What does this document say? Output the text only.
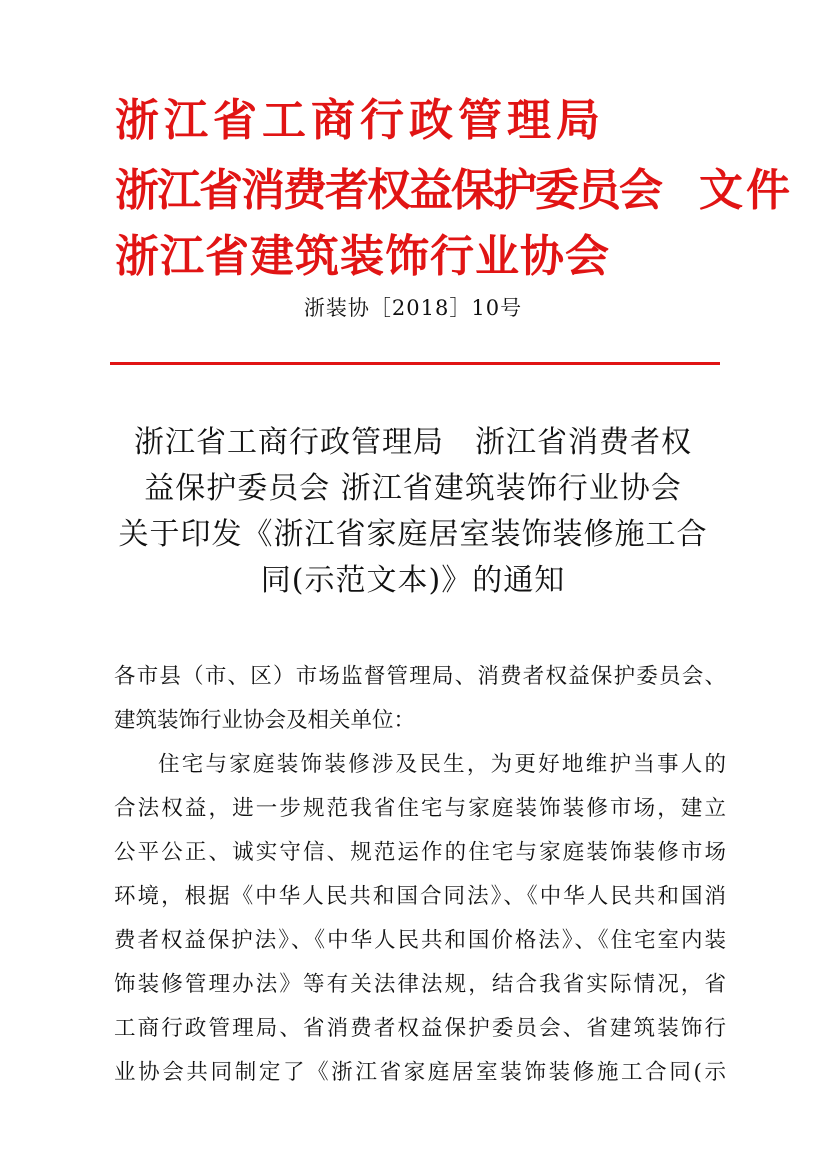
浙江省工商行政管理局
浙江省消费者权益保护委员会 文件
浙江省建筑装饰行业协会
浙装协［2018］10号
浙江省工商行政管理局　浙江省消费者权
益保护委员会 浙江省建筑装饰行业协会
关于印发《浙江省家庭居室装饰装修施工合
同(示范文本)》的通知
各市县（市、区）市场监督管理局、消费者权益保护委员会、
建筑装饰行业协会及相关单位：
住宅与家庭装饰装修涉及民生，为更好地维护当事人的
合法权益，进一步规范我省住宅与家庭装饰装修市场，建立
公平公正、诚实守信、规范运作的住宅与家庭装饰装修市场
环境，根据《中华人民共和国合同法》、《中华人民共和国消
费者权益保护法》、《中华人民共和国价格法》、《住宅室内装
饰装修管理办法》等有关法律法规，结合我省实际情况，省
工商行政管理局、省消费者权益保护委员会、省建筑装饰行
业协会共同制定了《浙江省家庭居室装饰装修施工合同(示
